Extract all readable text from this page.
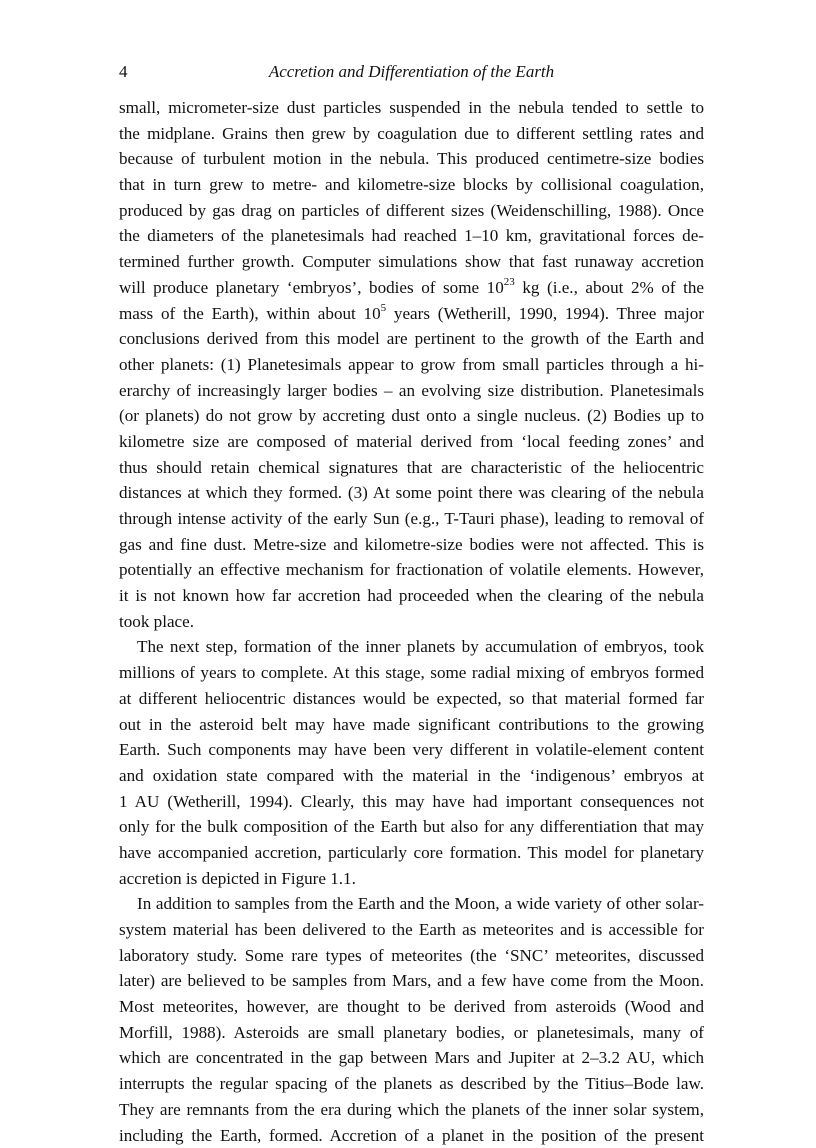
4	Accretion and Differentiation of the Earth
small, micrometer-size dust particles suspended in the nebula tended to settle to
the midplane. Grains then grew by coagulation due to different settling rates and
because of turbulent motion in the nebula. This produced centimetre-size bodies
that in turn grew to metre- and kilometre-size blocks by collisional coagulation,
produced by gas drag on particles of different sizes (Weidenschilling, 1988). Once
the diameters of the planetesimals had reached 1–10 km, gravitational forces de-
termined further growth. Computer simulations show that fast runaway accretion
will produce planetary ‘embryos’, bodies of some $10^{23}$ kg (i.e., about 2% of the
mass of the Earth), within about $10^5$ years (Wetherill, 1990, 1994). Three major
conclusions derived from this model are pertinent to the growth of the Earth and
other planets: (1) Planetesimals appear to grow from small particles through a hi-
erarchy of increasingly larger bodies – an evolving size distribution. Planetesimals
(or planets) do not grow by accreting dust onto a single nucleus. (2) Bodies up to
kilometre size are composed of material derived from ‘local feeding zones’ and
thus should retain chemical signatures that are characteristic of the heliocentric
distances at which they formed. (3) At some point there was clearing of the nebula
through intense activity of the early Sun (e.g., T-Tauri phase), leading to removal of
gas and fine dust. Metre-size and kilometre-size bodies were not affected. This is
potentially an effective mechanism for fractionation of volatile elements. However,
it is not known how far accretion had proceeded when the clearing of the nebula
took place.
The next step, formation of the inner planets by accumulation of embryos, took
millions of years to complete. At this stage, some radial mixing of embryos formed
at different heliocentric distances would be expected, so that material formed far
out in the asteroid belt may have made significant contributions to the growing
Earth. Such components may have been very different in volatile-element content
and oxidation state compared with the material in the ‘indigenous’ embryos at
1 AU (Wetherill, 1994). Clearly, this may have had important consequences not
only for the bulk composition of the Earth but also for any differentiation that may
have accompanied accretion, particularly core formation. This model for planetary
accretion is depicted in Figure 1.1.
In addition to samples from the Earth and the Moon, a wide variety of other solar-
system material has been delivered to the Earth as meteorites and is accessible for
laboratory study. Some rare types of meteorites (the ‘SNC’ meteorites, discussed
later) are believed to be samples from Mars, and a few have come from the Moon.
Most meteorites, however, are thought to be derived from asteroids (Wood and
Morfill, 1988). Asteroids are small planetary bodies, or planetesimals, many of
which are concentrated in the gap between Mars and Jupiter at 2–3.2 AU, which
interrupts the regular spacing of the planets as described by the Titius–Bode law.
They are remnants from the era during which the planets of the inner solar system,
including the Earth, formed. Accretion of a planet in the position of the present
